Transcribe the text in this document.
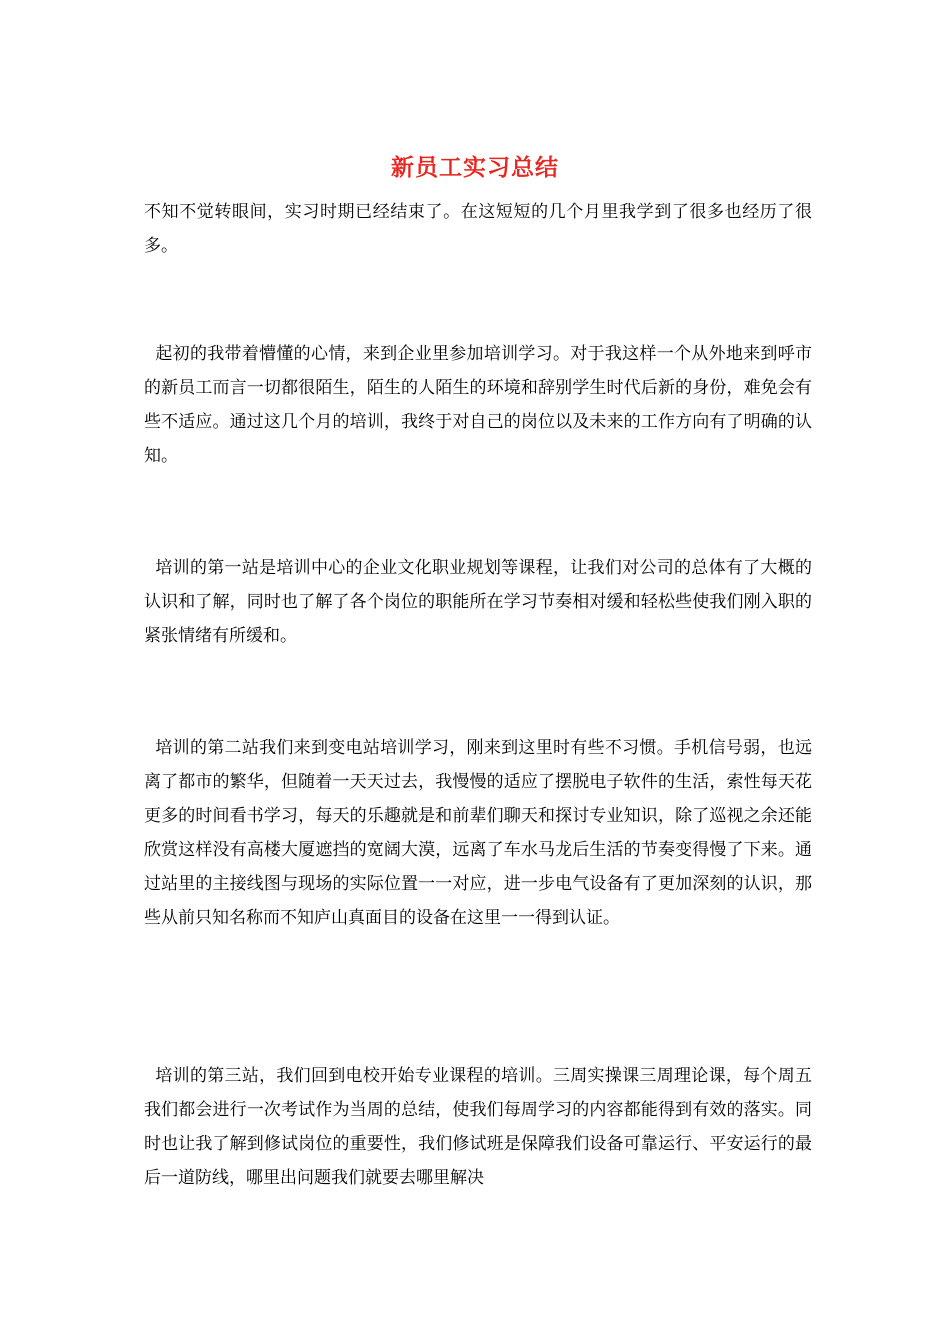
新员工实习总结

不知不觉转眼间，实习时期已经结束了。在这短短的几个月里我学到了很多也经历了很多。

起初的我带着懵懂的心情，来到企业里参加培训学习。对于我这样一个从外地来到呼市的新员工而言一切都很陌生，陌生的人陌生的环境和辞别学生时代后新的身份，难免会有些不适应。通过这几个月的培训，我终于对自己的岗位以及未来的工作方向有了明确的认知。

培训的第一站是培训中心的企业文化职业规划等课程，让我们对公司的总体有了大概的认识和了解，同时也了解了各个岗位的职能所在学习节奏相对缓和轻松些使我们刚入职的紧张情绪有所缓和。

培训的第二站我们来到变电站培训学习，刚来到这里时有些不习惯。手机信号弱，也远离了都市的繁华，但随着一天天过去，我慢慢的适应了摆脱电子软件的生活，索性每天花更多的时间看书学习，每天的乐趣就是和前辈们聊天和探讨专业知识，除了巡视之余还能欣赏这样没有高楼大厦遮挡的宽阔大漠，远离了车水马龙后生活的节奏变得慢了下来。通过站里的主接线图与现场的实际位置一一对应，进一步电气设备有了更加深刻的认识，那些从前只知名称而不知庐山真面目的设备在这里一一得到认证。

培训的第三站，我们回到电校开始专业课程的培训。三周实操课三周理论课，每个周五我们都会进行一次考试作为当周的总结，使我们每周学习的内容都能得到有效的落实。同时也让我了解到修试岗位的重要性，我们修试班是保障我们设备可靠运行、平安运行的最后一道防线，哪里出问题我们就要去哪里解决
